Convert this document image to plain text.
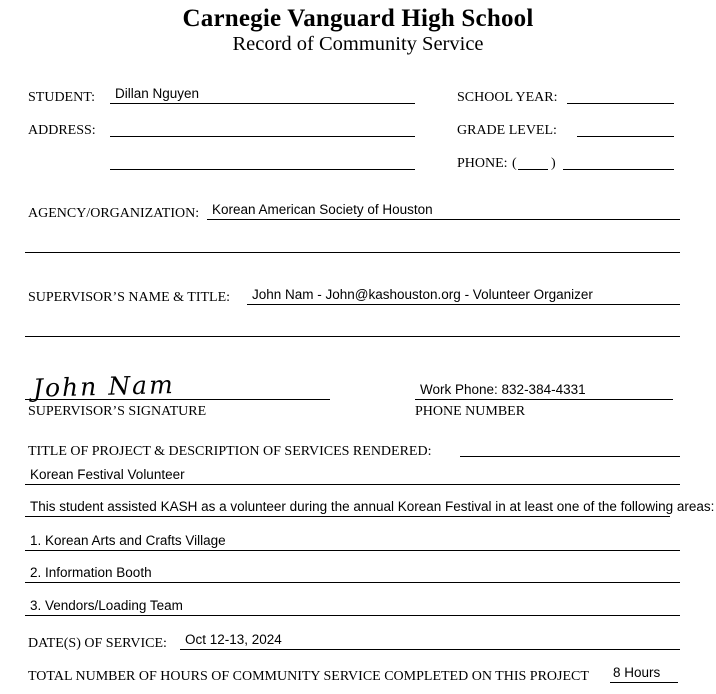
Carnegie Vanguard High School
Record of Community Service
STUDENT:	Dillan Nguyen	SCHOOL YEAR:
ADDRESS:	GRADE LEVEL:
PHONE: ( )
AGENCY/ORGANIZATION: Korean American Society of Houston
SUPERVISOR’S NAME & TITLE:	John Nam - John@kashouston.org - Volunteer Organizer
John Nam
SUPERVISOR’S SIGNATURE
Work Phone: 832-384-4331
PHONE NUMBER
TITLE OF PROJECT & DESCRIPTION OF SERVICES RENDERED:
Korean Festival Volunteer
This student assisted KASH as a volunteer during the annual Korean Festival in at least one of the following areas:
1. Korean Arts and Crafts Village
2. Information Booth
3. Vendors/Loading Team
DATE(S) OF SERVICE:	Oct 12-13, 2024
TOTAL NUMBER OF HOURS OF COMMUNITY SERVICE COMPLETED ON THIS PROJECT 8 Hours
